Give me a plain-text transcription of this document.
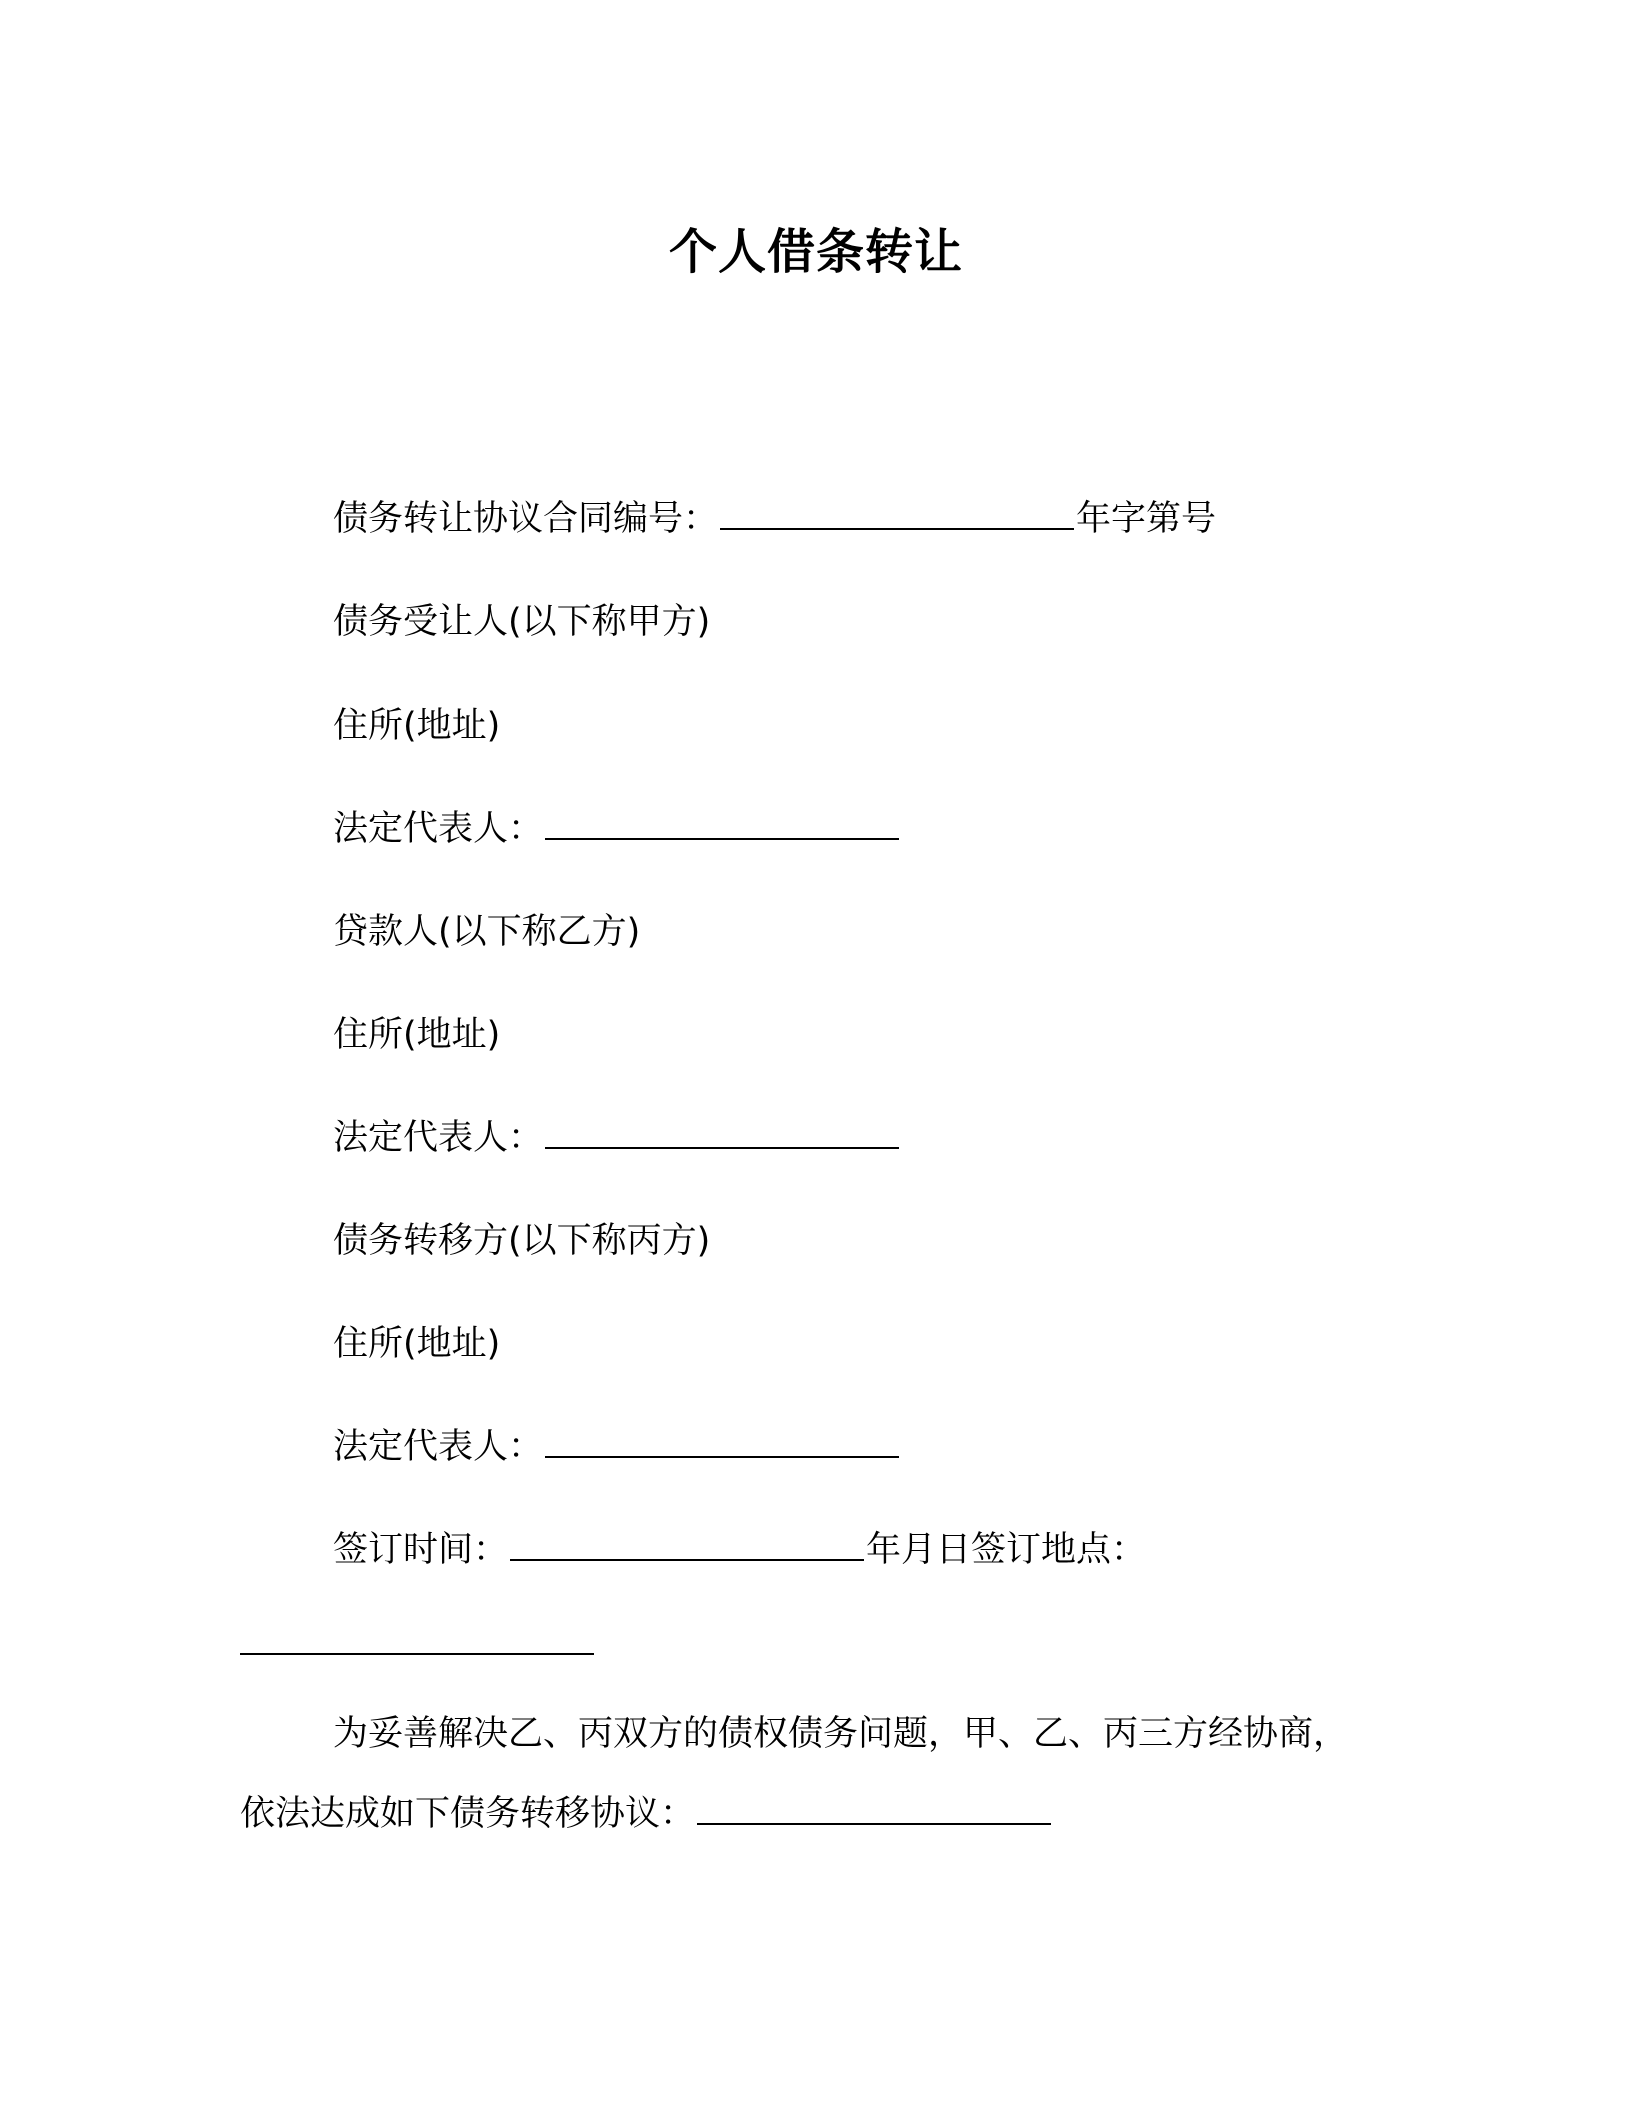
个人借条转让
债务转让协议合同编号：	年字第号
债务受让人(以下称甲方)
住所(地址)
法定代表人：
贷款人(以下称乙方)
住所(地址)
法定代表人：
债务转移方(以下称丙方)
住所(地址)
法定代表人：
签订时间：	年月日签订地点：
为妥善解决乙、丙双方的债权债务问题，甲、乙、丙三方经协商，
依法达成如下债务转移协议：
